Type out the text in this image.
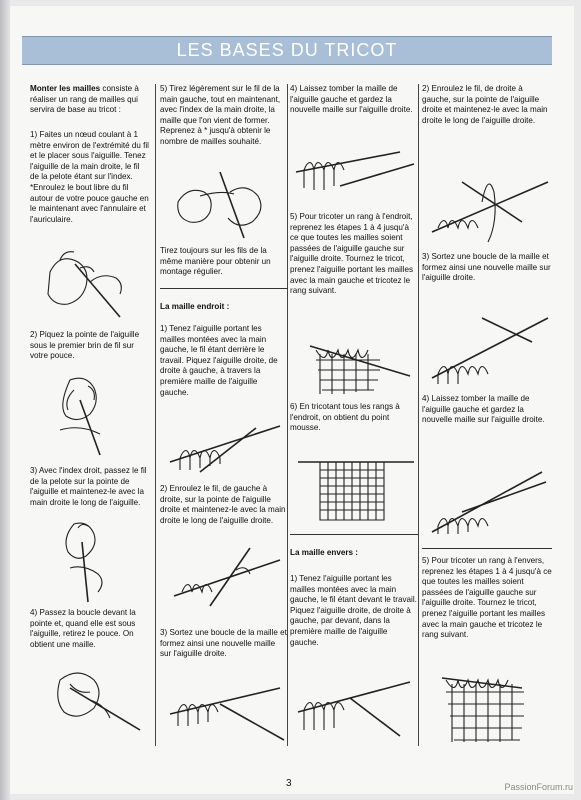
LES BASES DU TRICOT
Monter les mailles consiste à réaliser un rang de mailles qui servira de base au tricot :
1) Faites un nœud coulant à 1 mètre environ de l'extrémité du fil et le placer sous l'aiguille. Tenez l'aiguille de la main droite, le fil de la pelote étant sur l'index. *Enroulez le bout libre du fil autour de votre pouce gauche en le maintenant avec l'annulaire et l'auriculaire.
2) Piquez la pointe de l'aiguille sous le premier brin de fil sur votre pouce.
3) Avec l'index droit, passez le fil de la pelote sur la pointe de l'aiguille et maintenez-le avec la main droite le long de l'aiguille.
4) Passez la boucle devant la pointe et, quand elle est sous l'aiguille, retirez le pouce. On obtient une maille.
5) Tirez légèrement sur le fil de la main gauche, tout en maintenant, avec l'index de la main droite, la maille que l'on vient de former. Reprenez à * jusqu'à obtenir le nombre de mailles souhaité.
Tirez toujours sur les fils de la même manière pour obtenir un montage régulier.
La maille endroit :
1) Tenez l'aiguille portant les mailles montées avec la main gauche, le fil étant derrière le travail. Piquez l'aiguille droite, de droite à gauche, à travers la première maille de l'aiguille gauche.
2) Enroulez le fil, de gauche à droite, sur la pointe de l'aiguille droite et maintenez-le avec la main droite le long de l'aiguille droite.
3) Sortez une boucle de la maille et formez ainsi une nouvelle maille sur l'aiguille droite.
4) Laissez tomber la maille de l'aiguille gauche et gardez la nouvelle maille sur l'aiguille droite.
5) Pour tricoter un rang à l'endroit, reprenez les étapes 1 à 4 jusqu'à ce que toutes les mailles soient passées de l'aiguille gauche sur l'aiguille droite. Tournez le tricot, prenez l'aiguille portant les mailles avec la main gauche et tricotez le rang suivant.
6) En tricotant tous les rangs à l'endroit, on obtient du point mousse.
La maille envers :
1) Tenez l'aiguille portant les mailles montées avec la main gauche, le fil étant devant le travail. Piquez l'aiguille droite, de droite à gauche, par devant, dans la première maille de l'aiguille gauche.
2) Enroulez le fil, de droite à gauche, sur la pointe de l'aiguille droite et maintenez-le avec la main droite le long de l'aiguille droite.
3) Sortez une boucle de la maille et formez ainsi une nouvelle maille sur l'aiguille droite.
4) Laissez tomber la maille de l'aiguille gauche et gardez la nouvelle maille sur l'aiguille droite.
5) Pour tricoter un rang à l'envers, reprenez les étapes 1 à 4 jusqu'à ce que toutes les mailles soient passées de l'aiguille gauche sur l'aiguille droite. Tournez le tricot, prenez l'aiguille portant les mailles avec la main gauche et tricotez le rang suivant.
3	PassionForum.ru
